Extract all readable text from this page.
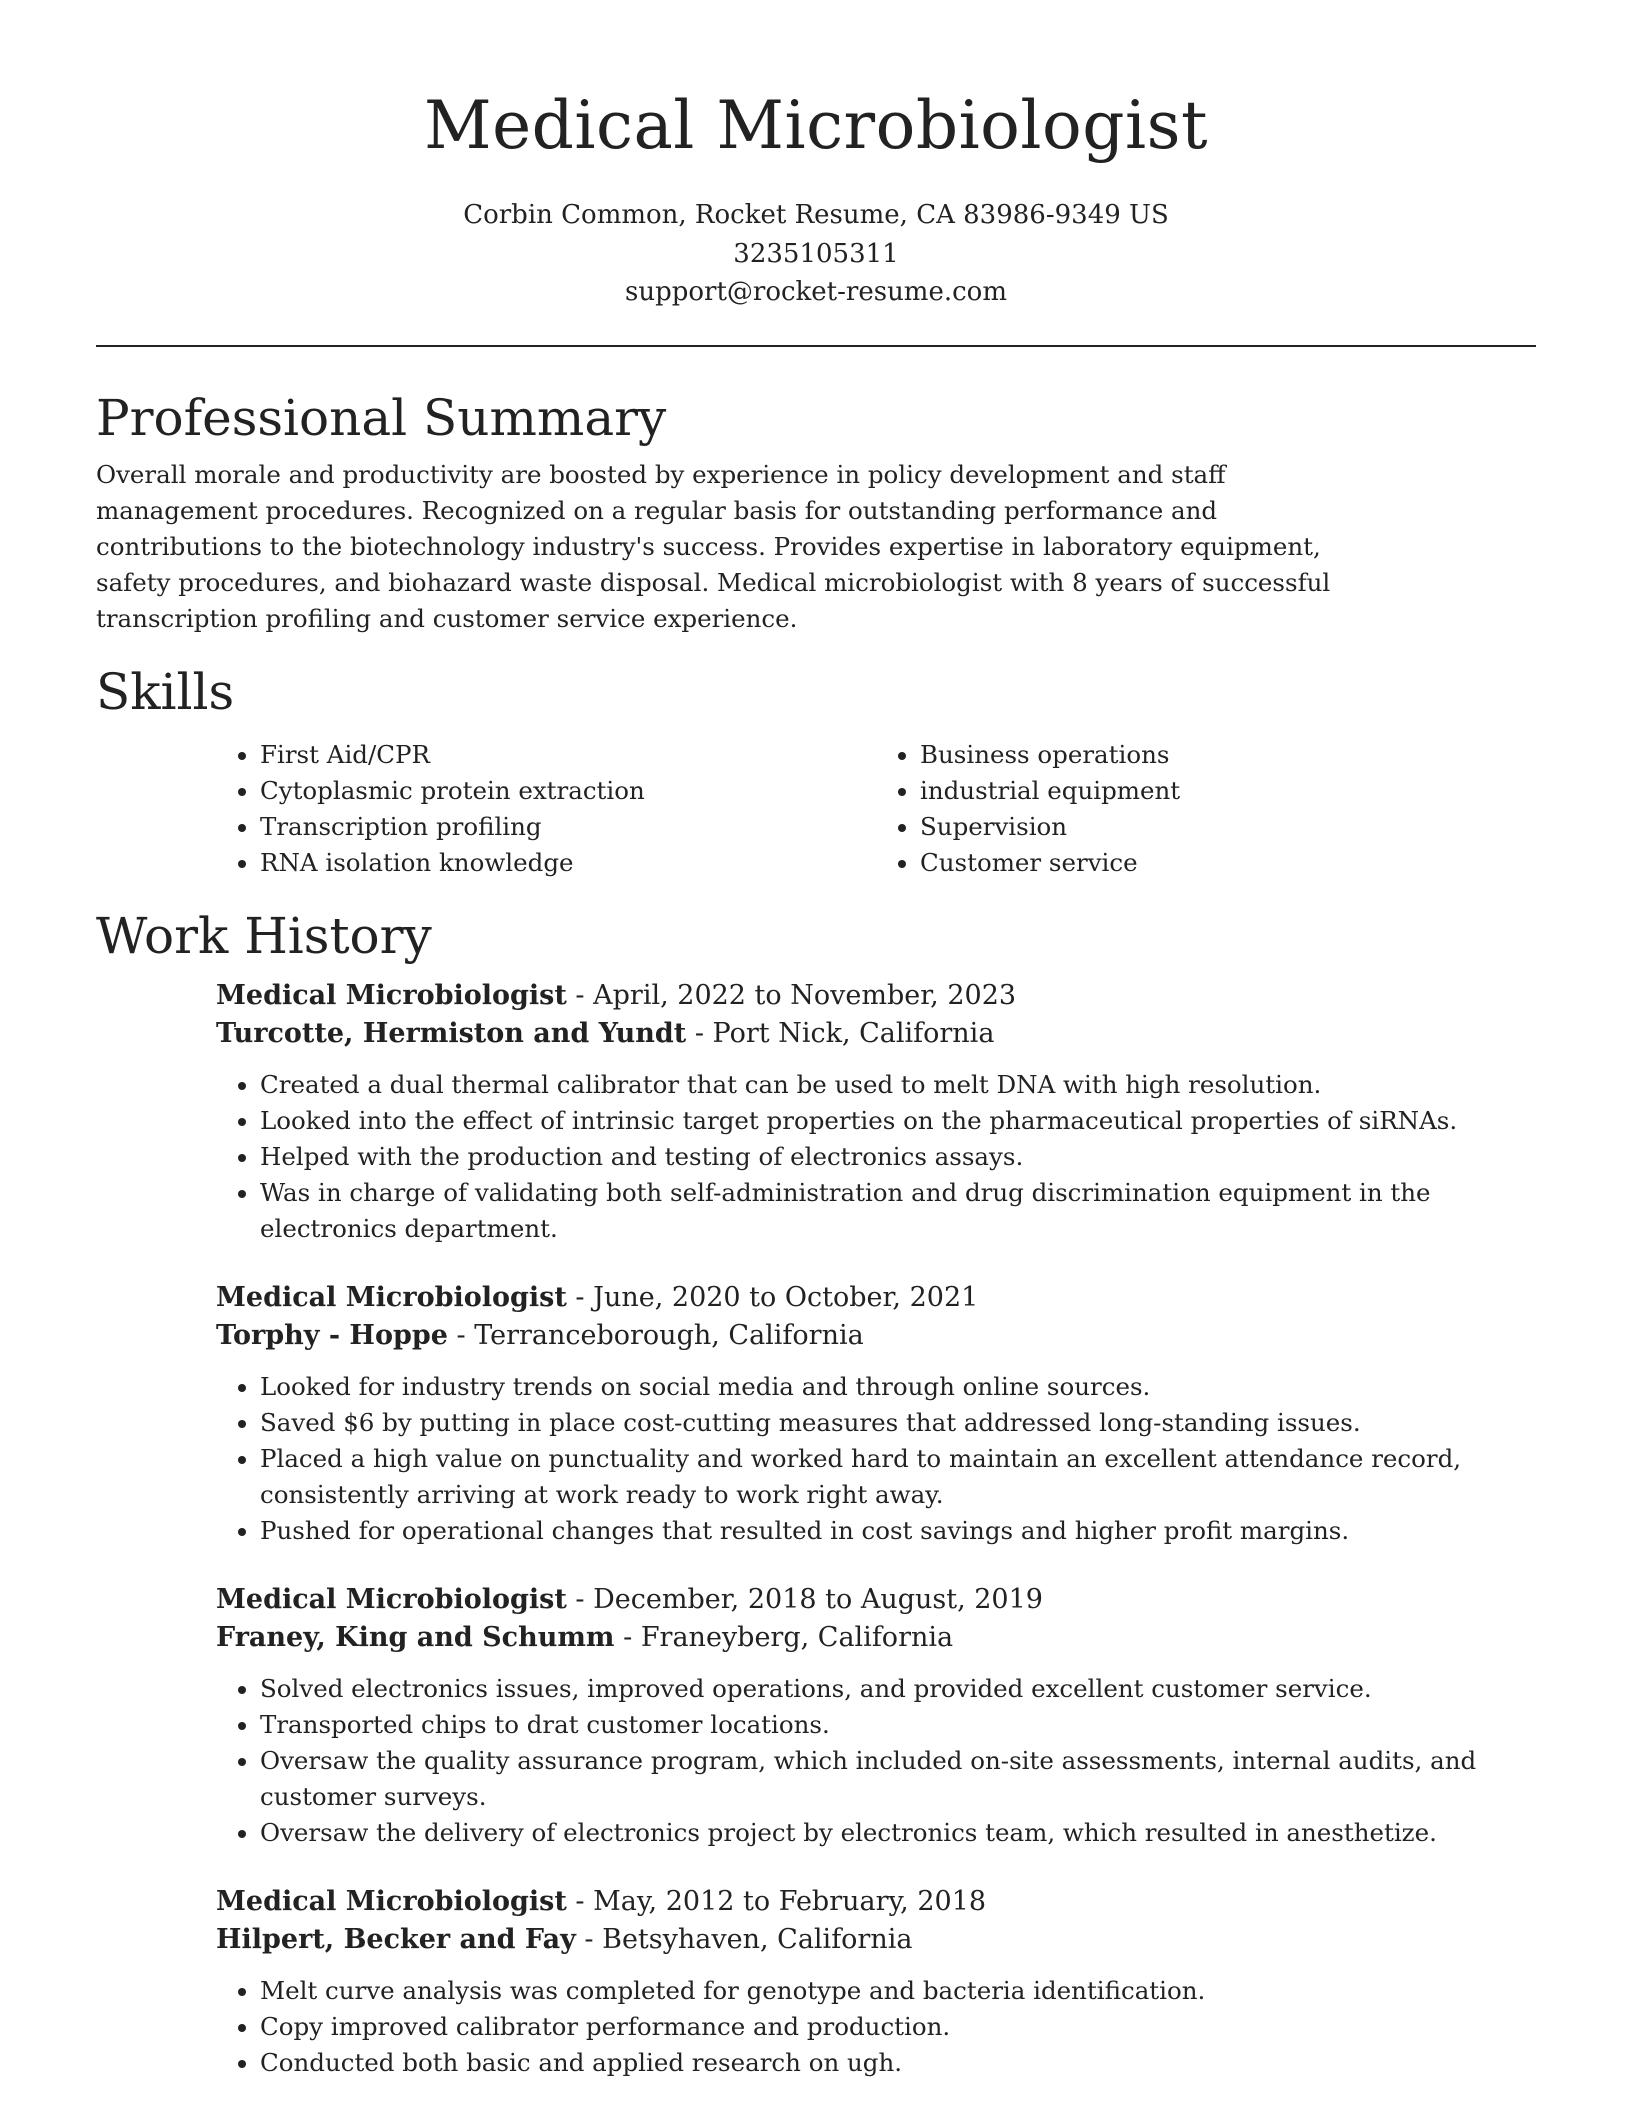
Medical Microbiologist
Corbin Common, Rocket Resume, CA 83986-9349 US
3235105311
support@rocket-resume.com
Professional Summary

Overall morale and productivity are boosted by experience in policy development and staff management procedures. Recognized on a regular basis for outstanding performance and contributions to the biotechnology industry's success. Provides expertise in laboratory equipment, safety procedures, and biohazard waste disposal. Medical microbiologist with 8 years of successful transcription profiling and customer service experience.

Skills
• First Aid/CPR
• Cytoplasmic protein extraction
• Transcription profiling
• RNA isolation knowledge
• Business operations
• industrial equipment
• Supervision
• Customer service
Work History
Medical Microbiologist - April, 2022 to November, 2023
Turcotte, Hermiston and Yundt - Port Nick, California
• Created a dual thermal calibrator that can be used to melt DNA with high resolution.
• Looked into the effect of intrinsic target properties on the pharmaceutical properties of siRNAs.
• Helped with the production and testing of electronics assays.
• Was in charge of validating both self-administration and drug discrimination equipment in the electronics department.
Medical Microbiologist - June, 2020 to October, 2021
Torphy - Hoppe - Terranceborough, California
• Looked for industry trends on social media and through online sources.
• Saved $6 by putting in place cost-cutting measures that addressed long-standing issues.
• Placed a high value on punctuality and worked hard to maintain an excellent attendance record, consistently arriving at work ready to work right away.
• Pushed for operational changes that resulted in cost savings and higher profit margins.
Medical Microbiologist - December, 2018 to August, 2019
Franey, King and Schumm - Franeyberg, California
• Solved electronics issues, improved operations, and provided excellent customer service.
• Transported chips to drat customer locations.
• Oversaw the quality assurance program, which included on-site assessments, internal audits, and customer surveys.
• Oversaw the delivery of electronics project by electronics team, which resulted in anesthetize.
Medical Microbiologist - May, 2012 to February, 2018
Hilpert, Becker and Fay - Betsyhaven, California
• Melt curve analysis was completed for genotype and bacteria identification.
• Copy improved calibrator performance and production.
• Conducted both basic and applied research on ugh.
